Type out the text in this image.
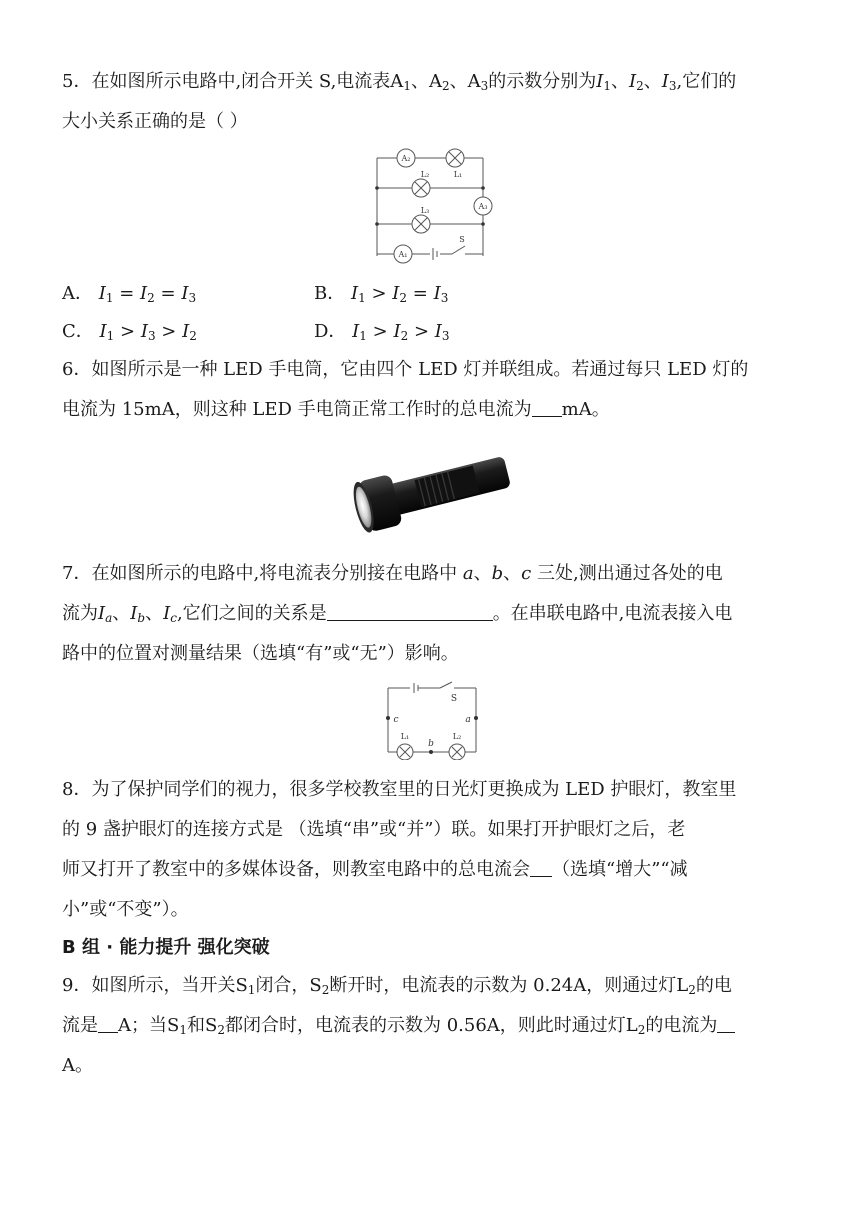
5．在如图所示电路中,闭合开关 S,电流表$A_1$、$A_2$、$A_3$的示数分别为$I_1$、$I_2$、$I_3$,它们的
大小关系正确的是（ ）
A₂
L₁
L₂
L₃	A₃
A₁
S
A． $I_1 = I_2 = I_3$	B． $I_1 > I_2 = I_3$
C． $I_1 > I_3 > I_2$	D． $I_1 > I_2 > I_3$
6．如图所示是一种 LED 手电筒，它由四个 LED 灯并联组成。若通过每只 LED 灯的
电流为 15mA，则这种 LED 手电筒正常工作时的总电流为 mA。
7．在如图所示的电路中,将电流表分别接在电路中 a、b、c 三处,测出通过各处的电
流为$I_a$、$I_b$、$I_c$,它们之间的关系是	。在串联电路中,电流表接入电
路中的位置对测量结果（选填“有”或“无”）影响。
S
c	a
b
L₁	L₂
8．为了保护同学们的视力，很多学校教室里的日光灯更换成为 LED 护眼灯，教室里
的 9 盏护眼灯的连接方式是 （选填“串”或“并”）联。如果打开护眼灯之后，老
师又打开了教室中的多媒体设备，则教室电路中的总电流会 （选填“增大”“减
小”或“不变”）。
B 组 · 能力提升 强化突破
9．如图所示，当开关$S_1$闭合，$S_2$断开时，电流表的示数为 0.24A，则通过灯$L_2$的电
流是 A；当$S_1$和$S_2$都闭合时，电流表的示数为 0.56A，则此时通过灯$L_2$的电流为
A。
